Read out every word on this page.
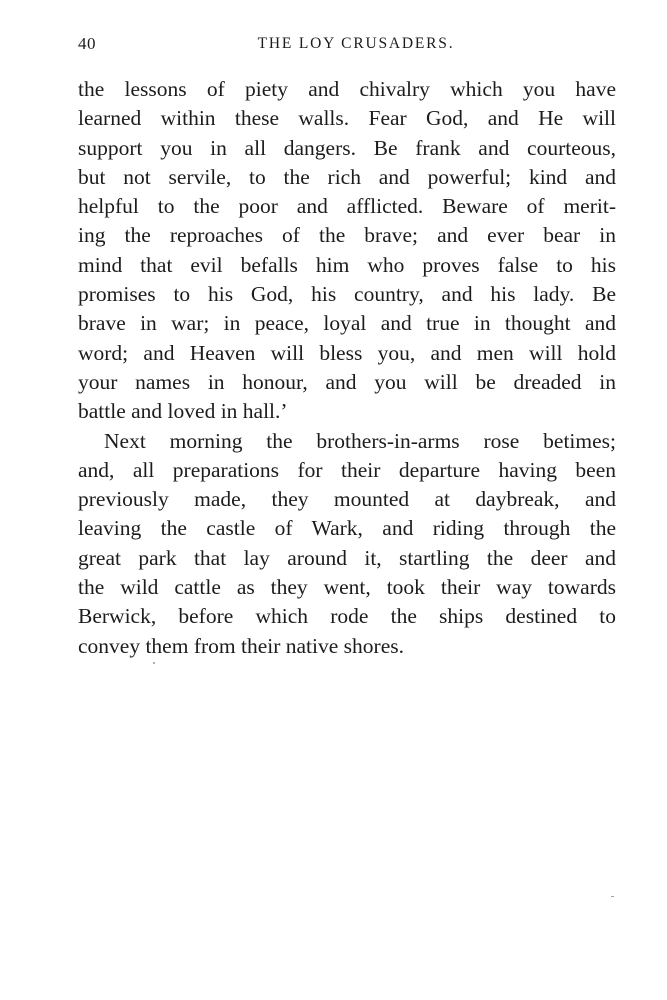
40	THE LOY CRUSADERS.
the lessons of piety and chivalry which you have
learned within these walls. Fear God, and He will
support you in all dangers. Be frank and courteous,
but not servile, to the rich and powerful; kind and
helpful to the poor and afflicted. Beware of merit-
ing the reproaches of the brave; and ever bear in
mind that evil befalls him who proves false to his
promises to his God, his country, and his lady. Be
brave in war; in peace, loyal and true in thought and
word; and Heaven will bless you, and men will hold
your names in honour, and you will be dreaded in
battle and loved in hall.’
Next morning the brothers-in-arms rose betimes;
and, all preparations for their departure having been
previously made, they mounted at daybreak, and
leaving the castle of Wark, and riding through the
great park that lay around it, startling the deer and
the wild cattle as they went, took their way towards
Berwick, before which rode the ships destined to
convey them from their native shores.
